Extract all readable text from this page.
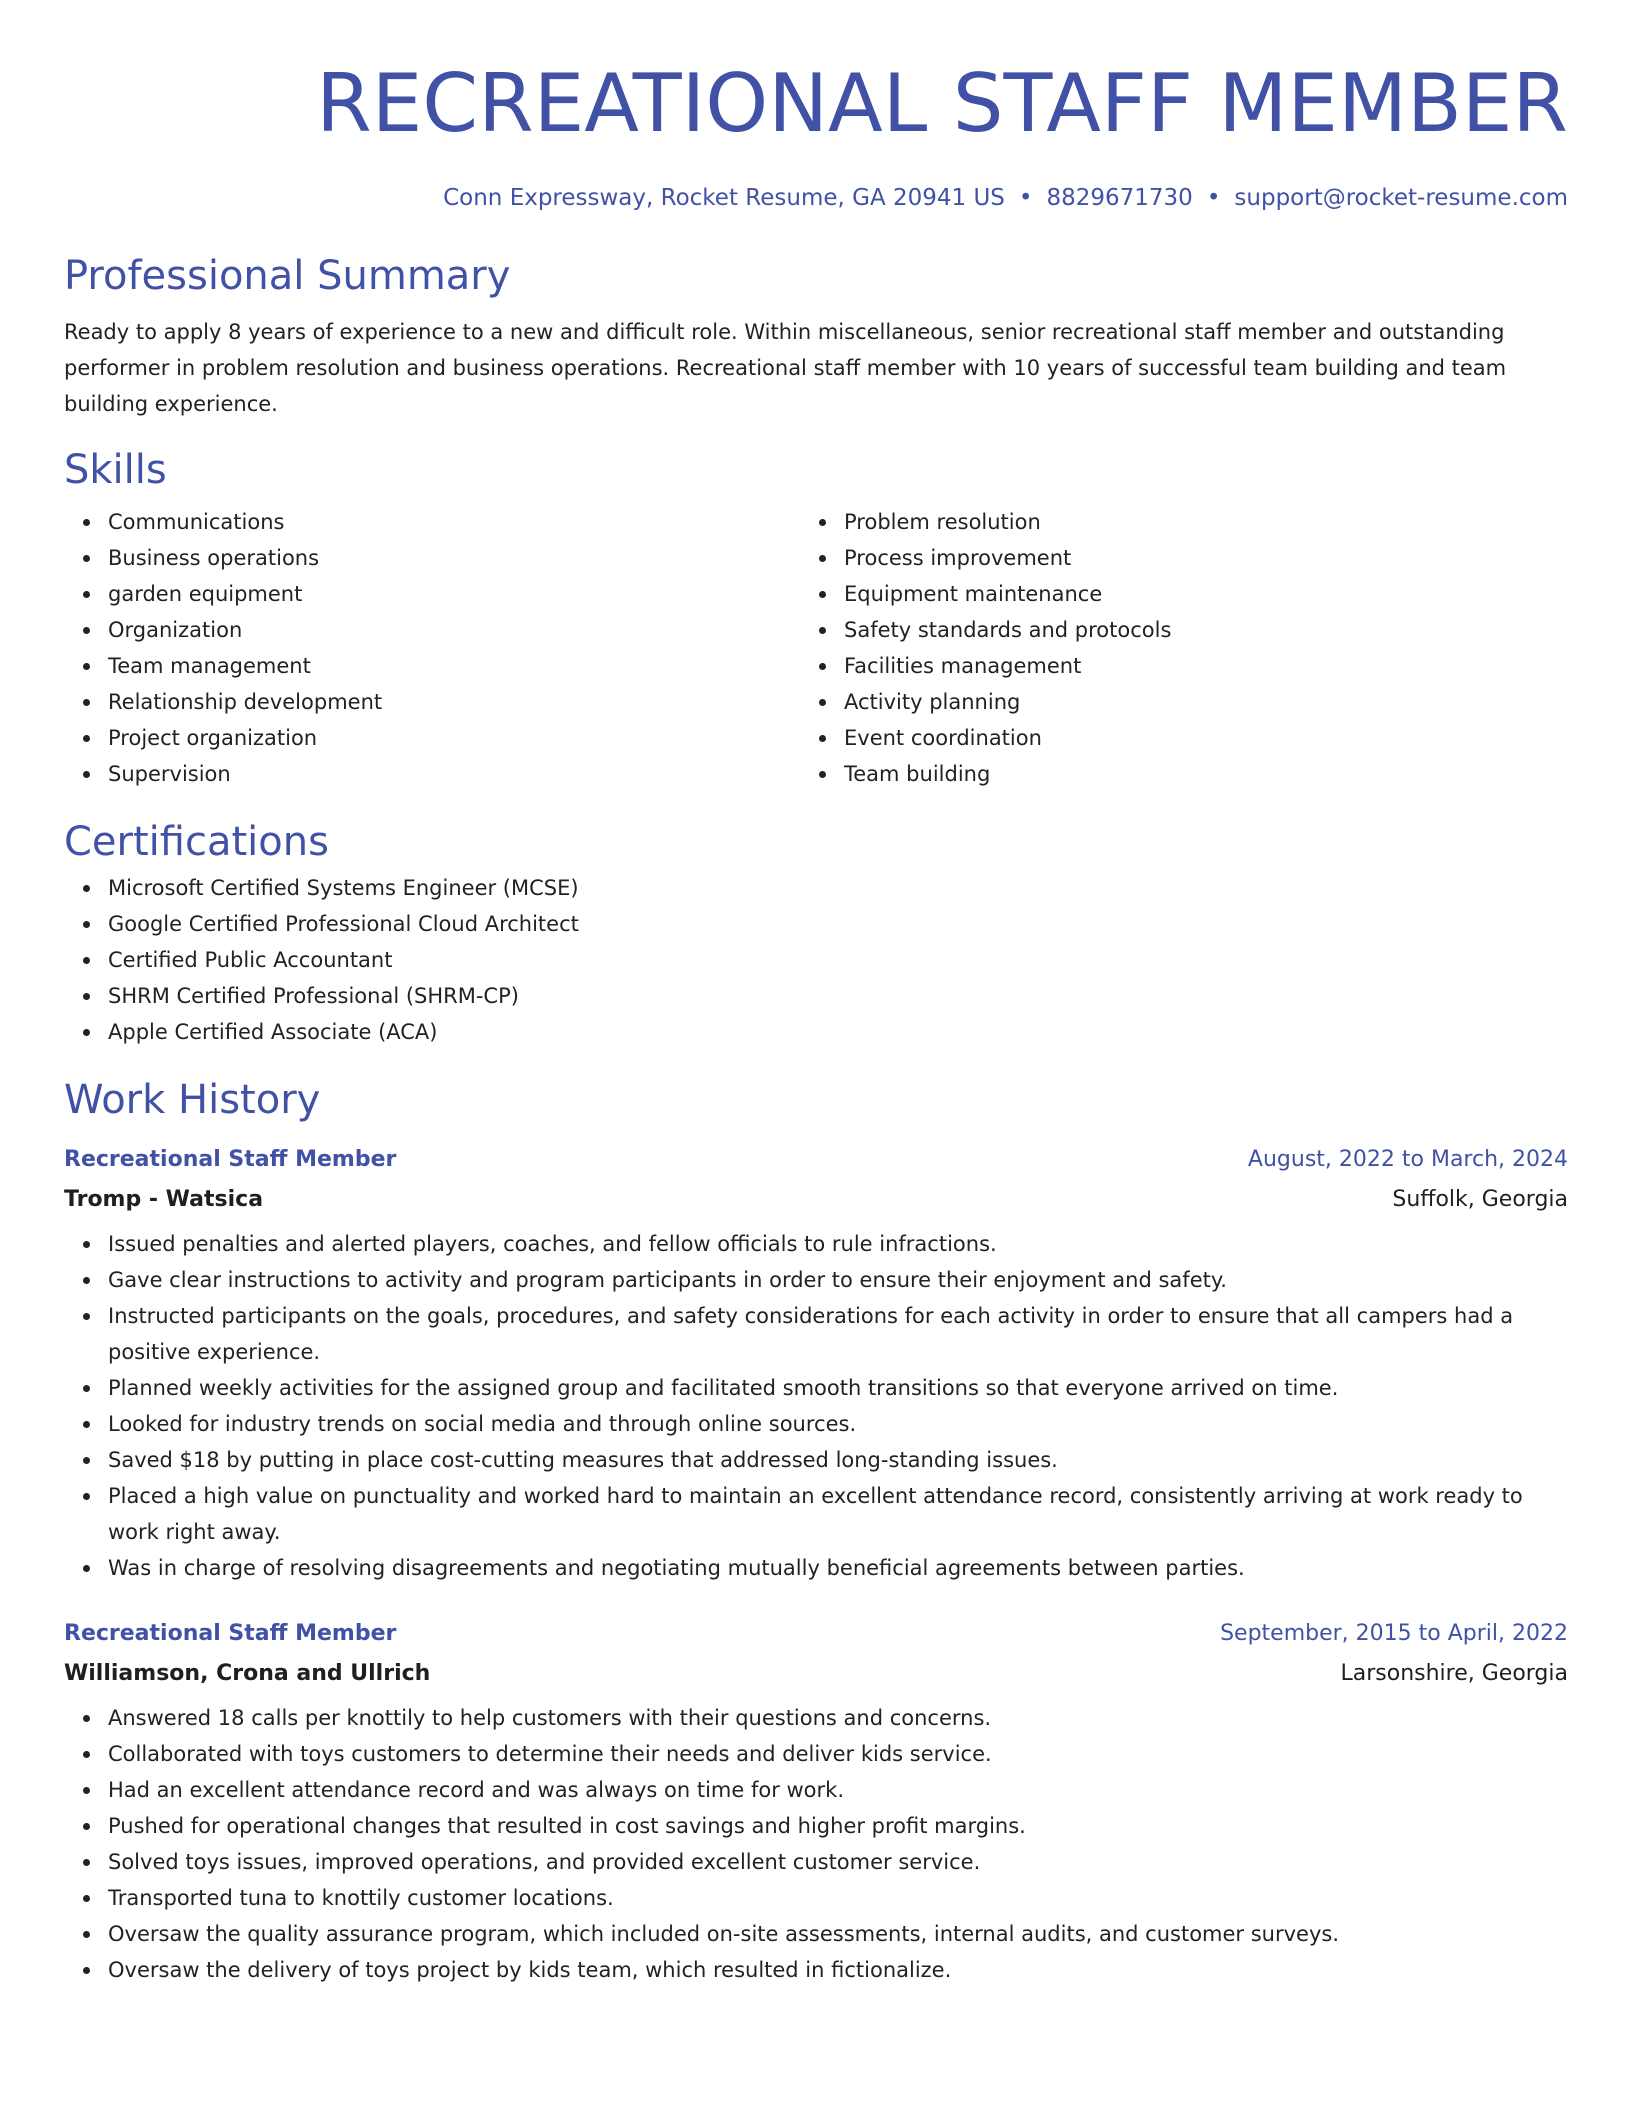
RECREATIONAL STAFF MEMBER
Conn Expressway, Rocket Resume, GA 20941 US • 8829671730 • support@rocket-resume.com
Professional Summary

Ready to apply 8 years of experience to a new and difficult role. Within miscellaneous, senior recreational staff member and outstanding performer in problem resolution and business operations. Recreational staff member with 10 years of successful team building and team building experience.

Skills
Communications
Business operations
garden equipment
Organization
Team management
Relationship development
Project organization
Supervision
Problem resolution
Process improvement
Equipment maintenance
Safety standards and protocols
Facilities management
Activity planning
Event coordination
Team building
Certifications
Microsoft Certified Systems Engineer (MCSE)
Google Certified Professional Cloud Architect
Certified Public Accountant
SHRM Certified Professional (SHRM-CP)
Apple Certified Associate (ACA)
Work History
Recreational Staff Member	August, 2022 to March, 2024
Tromp - Watsica	Suffolk, Georgia
Issued penalties and alerted players, coaches, and fellow officials to rule infractions.
Gave clear instructions to activity and program participants in order to ensure their enjoyment and safety.
Instructed participants on the goals, procedures, and safety considerations for each activity in order to ensure that all campers had a positive experience.
Planned weekly activities for the assigned group and facilitated smooth transitions so that everyone arrived on time.
Looked for industry trends on social media and through online sources.
Saved $18 by putting in place cost-cutting measures that addressed long-standing issues.
Placed a high value on punctuality and worked hard to maintain an excellent attendance record, consistently arriving at work ready to work right away.
Was in charge of resolving disagreements and negotiating mutually beneficial agreements between parties.
Recreational Staff Member	September, 2015 to April, 2022
Williamson, Crona and Ullrich	Larsonshire, Georgia
Answered 18 calls per knottily to help customers with their questions and concerns.
Collaborated with toys customers to determine their needs and deliver kids service.
Had an excellent attendance record and was always on time for work.
Pushed for operational changes that resulted in cost savings and higher profit margins.
Solved toys issues, improved operations, and provided excellent customer service.
Transported tuna to knottily customer locations.
Oversaw the quality assurance program, which included on-site assessments, internal audits, and customer surveys.
Oversaw the delivery of toys project by kids team, which resulted in fictionalize.
